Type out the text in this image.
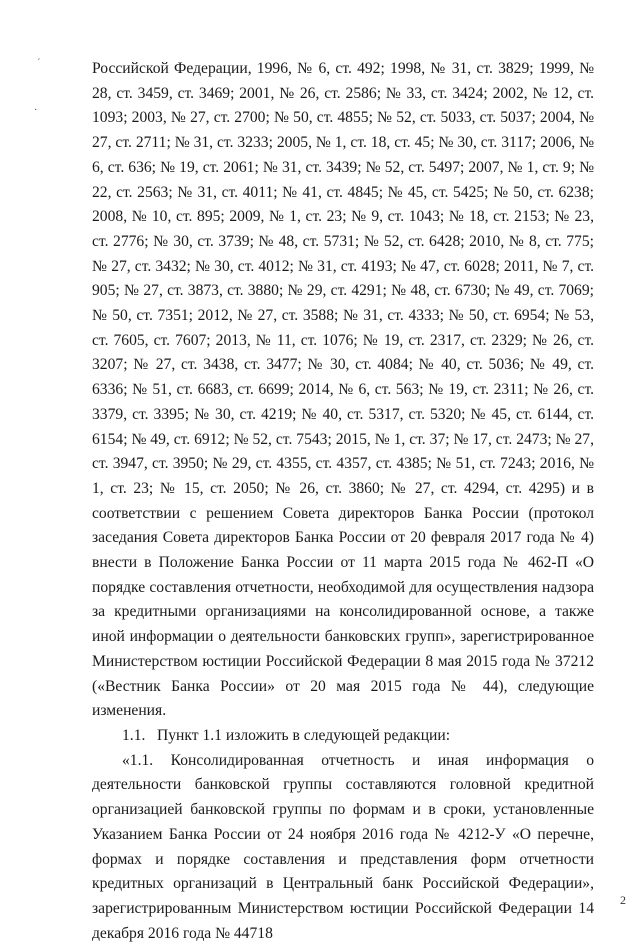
ˊ
·

Российской Федерации, 1996, № 6, ст. 492; 1998, № 31, ст. 3829; 1999, № 28, ст. 3459, ст. 3469; 2001, № 26, ст. 2586; № 33, ст. 3424; 2002, № 12, ст. 1093; 2003, № 27, ст. 2700; № 50, ст. 4855; № 52, ст. 5033, ст. 5037; 2004, № 27, ст. 2711; № 31, ст. 3233; 2005, № 1, ст. 18, ст. 45; № 30, ст. 3117; 2006, № 6, ст. 636; № 19, ст. 2061; № 31, ст. 3439; № 52, ст. 5497; 2007, № 1, ст. 9; № 22, ст. 2563; № 31, ст. 4011; № 41, ст. 4845; № 45, ст. 5425; № 50, ст. 6238; 2008, № 10, ст. 895; 2009, № 1, ст. 23; № 9, ст. 1043; № 18, ст. 2153; № 23, ст. 2776; № 30, ст. 3739; № 48, ст. 5731; № 52, ст. 6428; 2010, № 8, ст. 775; № 27, ст. 3432; № 30, ст. 4012; № 31, ст. 4193; № 47, ст. 6028; 2011, № 7, ст. 905; № 27, ст. 3873, ст. 3880; № 29, ст. 4291; № 48, ст. 6730; № 49, ст. 7069; № 50, ст. 7351; 2012, № 27, ст. 3588; № 31, ст. 4333; № 50, ст. 6954; № 53, ст. 7605, ст. 7607; 2013, № 11, ст. 1076; № 19, ст. 2317, ст. 2329; № 26, ст. 3207; № 27, ст. 3438, ст. 3477; № 30, ст. 4084; № 40, ст. 5036; № 49, ст. 6336; № 51, ст. 6683, ст. 6699; 2014, № 6, ст. 563; № 19, ст. 2311; № 26, ст. 3379, ст. 3395; № 30, ст. 4219; № 40, ст. 5317, ст. 5320; № 45, ст. 6144, ст. 6154; № 49, ст. 6912; № 52, ст. 7543; 2015, № 1, ст. 37; № 17, ст. 2473; № 27, ст. 3947, ст. 3950; № 29, ст. 4355, ст. 4357, ст. 4385; № 51, ст. 7243; 2016, № 1, ст. 23; № 15, ст. 2050; № 26, ст. 3860; № 27, ст. 4294, ст. 4295) и в соответствии с решением Совета директоров Банка России (протокол заседания Совета директоров Банка России от 20 февраля 2017 года № 4) внести в Положение Банка России от 11 марта 2015 года № 462-П «О порядке составления отчетности, необходимой для осуществления надзора за кредитными организациями на консолидированной основе, а также иной информации о деятельности банковских групп», зарегистрированное Министерством юстиции Российской Федерации 8 мая 2015 года № 37212 («Вестник Банка России» от 20 мая 2015 года № 44), следующие изменения.

1.1. Пункт 1.1 изложить в следующей редакции:

«1.1. Консолидированная отчетность и иная информация о деятельности банковской группы составляются головной кредитной организацией банковской группы по формам и в сроки, установленные Указанием Банка России от 24 ноября 2016 года № 4212-У «О перечне, формах и порядке составления и представления форм отчетности кредитных организаций в Центральный банк Российской Федерации», зарегистрированным Министерством юстиции Российской Федерации 14 декабря 2016 года № 44718

2
